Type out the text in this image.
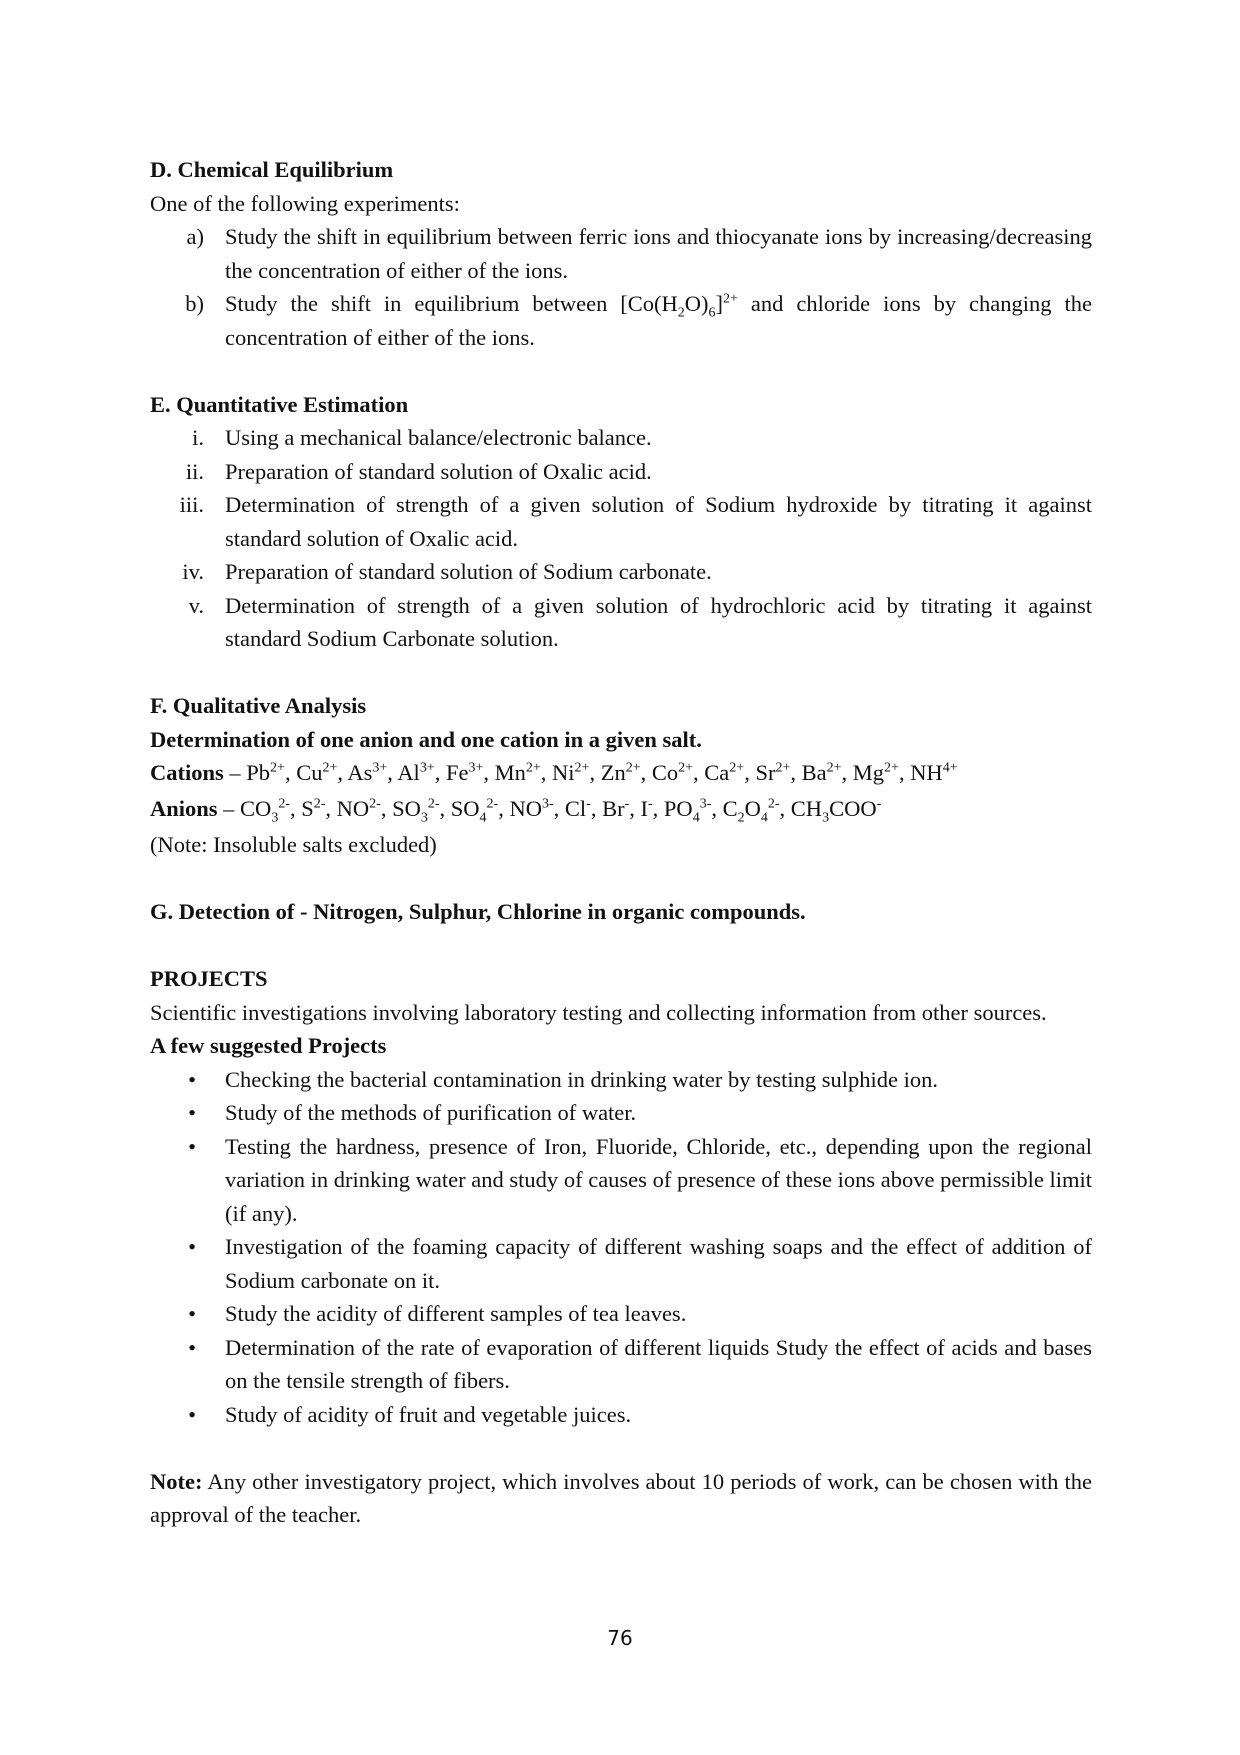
D. Chemical Equilibrium
One of the following experiments:
a) Study the shift in equilibrium between ferric ions and thiocyanate ions by increasing/decreasing the concentration of either of the ions.
b) Study the shift in equilibrium between $[Co(H_2O)_6]^{2+}$ and chloride ions by changing the concentration of either of the ions.
E. Quantitative Estimation
i. Using a mechanical balance/electronic balance.
ii. Preparation of standard solution of Oxalic acid.
iii. Determination of strength of a given solution of Sodium hydroxide by titrating it against standard solution of Oxalic acid.
iv. Preparation of standard solution of Sodium carbonate.
v. Determination of strength of a given solution of hydrochloric acid by titrating it against standard Sodium Carbonate solution.
F. Qualitative Analysis
Determination of one anion and one cation in a given salt.
Cations – $Pb^{2+}$, $Cu^{2+}$, $As^{3+}$, $Al^{3+}$, $Fe^{3+}$, $Mn^{2+}$, $Ni^{2+}$, $Zn^{2+}$, $Co^{2+}$, $Ca^{2+}$, $Sr^{2+}$, $Ba^{2+}$, $Mg^{2+}$, $NH^{4+}$
Anions – $CO_3^{2-}$, $S^{2-}$, $NO^{2-}$, $SO_3^{2-}$, $SO_4^{2-}$, $NO^{3-}$, Cl-, Br-, I-, $PO_4^{3-}$, $C_2O_4^{2-}$, $CH_3COO^-$
(Note: Insoluble salts excluded)
G. Detection of - Nitrogen, Sulphur, Chlorine in organic compounds.
PROJECTS
Scientific investigations involving laboratory testing and collecting information from other sources.
A few suggested Projects
• Checking the bacterial contamination in drinking water by testing sulphide ion.
• Study of the methods of purification of water.
• Testing the hardness, presence of Iron, Fluoride, Chloride, etc., depending upon the regional variation in drinking water and study of causes of presence of these ions above permissible limit (if any).
• Investigation of the foaming capacity of different washing soaps and the effect of addition of Sodium carbonate on it.
• Study the acidity of different samples of tea leaves.
• Determination of the rate of evaporation of different liquids Study the effect of acids and bases on the tensile strength of fibers.
• Study of acidity of fruit and vegetable juices.
Note: Any other investigatory project, which involves about 10 periods of work, can be chosen with the approval of the teacher.
76
